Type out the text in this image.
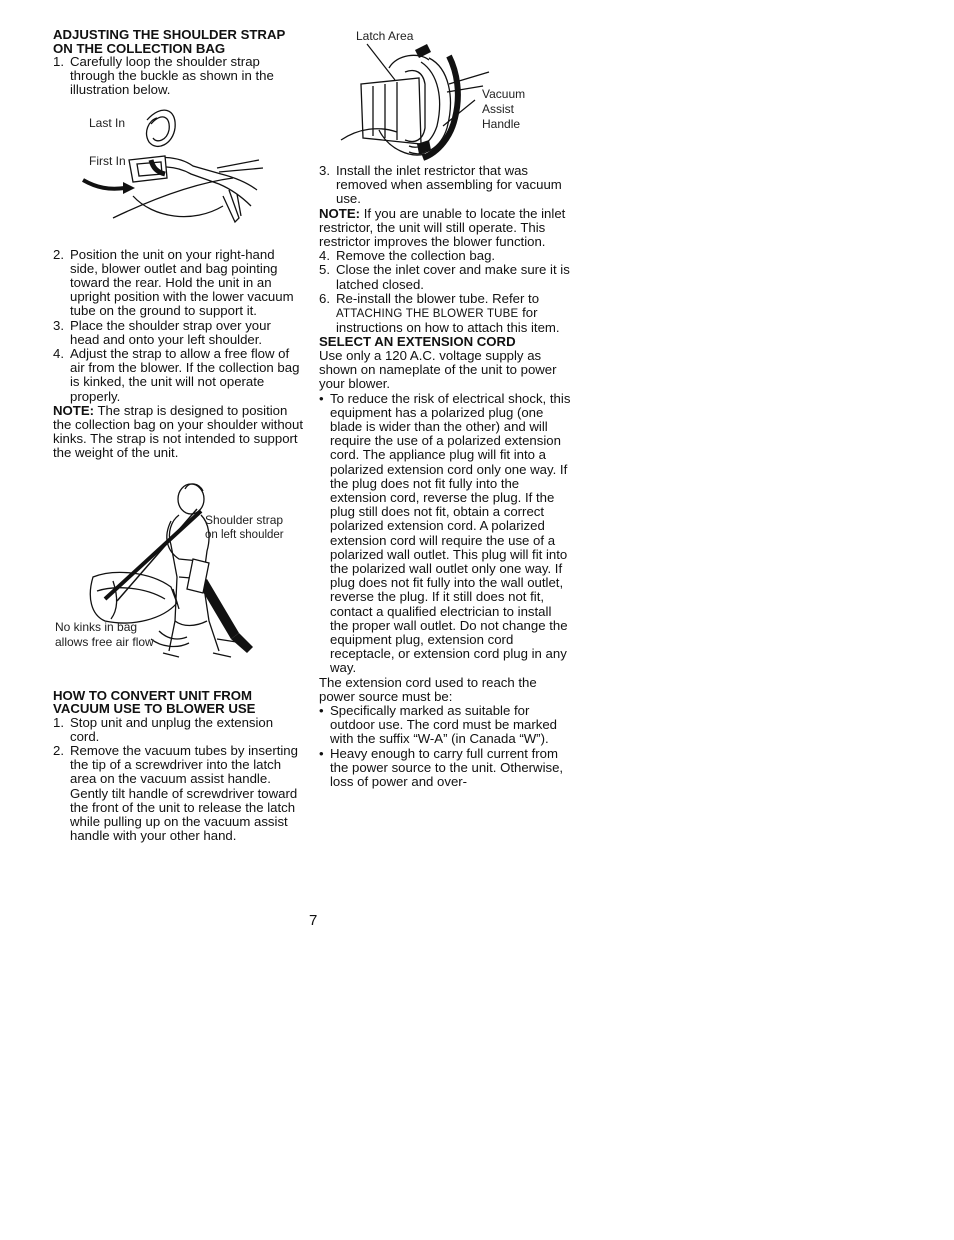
ADJUSTING THE SHOULDER STRAP ON THE COLLECTION BAG

1. Carefully loop the shoulder strap through the buckle as shown in the illustration below.
Last In
First In
2. Position the unit on your right-hand side, blower outlet and bag pointing toward the rear. Hold the unit in an upright position with the lower vacuum tube on the ground to support it.
3. Place the shoulder strap over your head and onto your left shoulder.
4. Adjust the strap to allow a free flow of air from the blower. If the collection bag is kinked, the unit will not operate properly.

NOTE: The strap is designed to position the collection bag on your shoulder without kinks. The strap is not intended to support the weight of the unit.

Shoulder strap
on left shoulder
No kinks in bag
allows free air flow

HOW TO CONVERT UNIT FROM VACUUM USE TO BLOWER USE

1. Stop unit and unplug the extension cord.
2. Remove the vacuum tubes by inserting the tip of a screwdriver into the latch area on the vacuum assist handle. Gently tilt handle of screwdriver toward the front of the unit to release the latch while pulling up on the vacuum assist handle with your other hand.
Latch Area
Vacuum
Assist
Handle
3. Install the inlet restrictor that was removed when assembling for vacuum use.

NOTE: If you are unable to locate the inlet restrictor, the unit will still operate. This restrictor improves the blower function.

4. Remove the collection bag.
5. Close the inlet cover and make sure it is latched closed.
6. Re-install the blower tube. Refer to ATTACHING THE BLOWER TUBE for instructions on how to attach this item.

SELECT AN EXTENSION CORD

Use only a 120 A.C. voltage supply as shown on nameplate of the unit to power your blower.

• To reduce the risk of electrical shock, this equipment has a polarized plug (one blade is wider than the other) and will require the use of a polarized extension cord. The appliance plug will fit into a polarized extension cord only one way. If the plug does not fit fully into the extension cord, reverse the plug. If the plug still does not fit, obtain a correct polarized extension cord. A polarized extension cord will require the use of a polarized wall outlet. This plug will fit into the polarized wall outlet only one way. If plug does not fit fully into the wall outlet, reverse the plug. If it still does not fit, contact a qualified electrician to install the proper wall outlet. Do not change the equipment plug, extension cord receptacle, or extension cord plug in any way.

The extension cord used to reach the power source must be:

• Specifically marked as suitable for outdoor use. The cord must be marked with the suffix “W-A” (in Canada “W”).
• Heavy enough to carry full current from the power source to the unit. Otherwise, loss of power and over-
7
